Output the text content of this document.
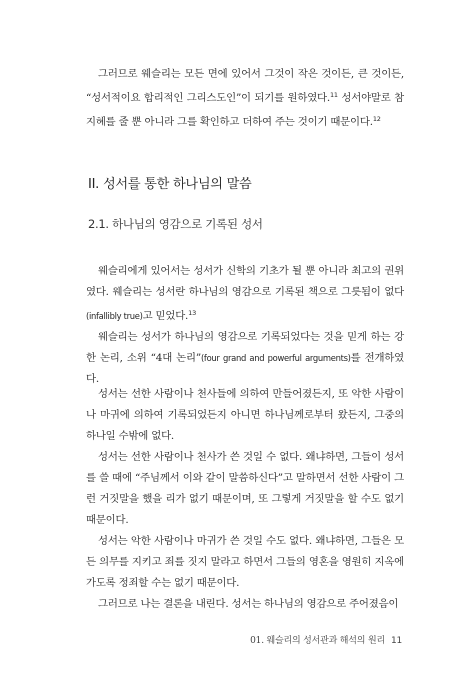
그러므로 웨슬리는 모든 면에 있어서 그것이 작은 것이든, 큰 것이든, “성서적이요 합리적인 그리스도인”이 되기를 원하였다.$^{11}$ 성서야말로 참 지혜를 줄 뿐 아니라 그를 확인하고 더하여 주는 것이기 때문이다.$^{12}$

II. 성서를 통한 하나님의 말씀
2.1. 하나님의 영감으로 기록된 성서

웨슬리에게 있어서는 성서가 신학의 기초가 될 뿐 아니라 최고의 권위였다. 웨슬리는 성서란 하나님의 영감으로 기록된 책으로 그릇됨이 없다 (infallibly true)고 믿었다.$^{13}$

웨슬리는 성서가 하나님의 영감으로 기록되었다는 것을 믿게 하는 강한 논리, 소위 “4대 논리”(four grand and powerful arguments)를 전개하였다.

성서는 선한 사람이나 천사들에 의하여 만들어졌든지, 또 악한 사람이나 마귀에 의하여 기록되었든지 아니면 하나님께로부터 왔든지, 그중의 하나일 수밖에 없다.

성서는 선한 사람이나 천사가 쓴 것일 수 없다. 왜냐하면, 그들이 성서를 쓸 때에 “주님께서 이와 같이 말씀하신다”고 말하면서 선한 사람이 그런 거짓말을 했을 리가 없기 때문이며, 또 그렇게 거짓말을 할 수도 없기 때문이다.

성서는 악한 사람이나 마귀가 쓴 것일 수도 없다. 왜냐하면, 그들은 모든 의무를 지키고 죄를 짓지 말라고 하면서 그들의 영혼을 영원히 지옥에 가도록 정죄할 수는 없기 때문이다.

그러므로 나는 결론을 내린다. 성서는 하나님의 영감으로 주어졌음이

01. 웨슬리의 성서관과 해석의 원리 11
